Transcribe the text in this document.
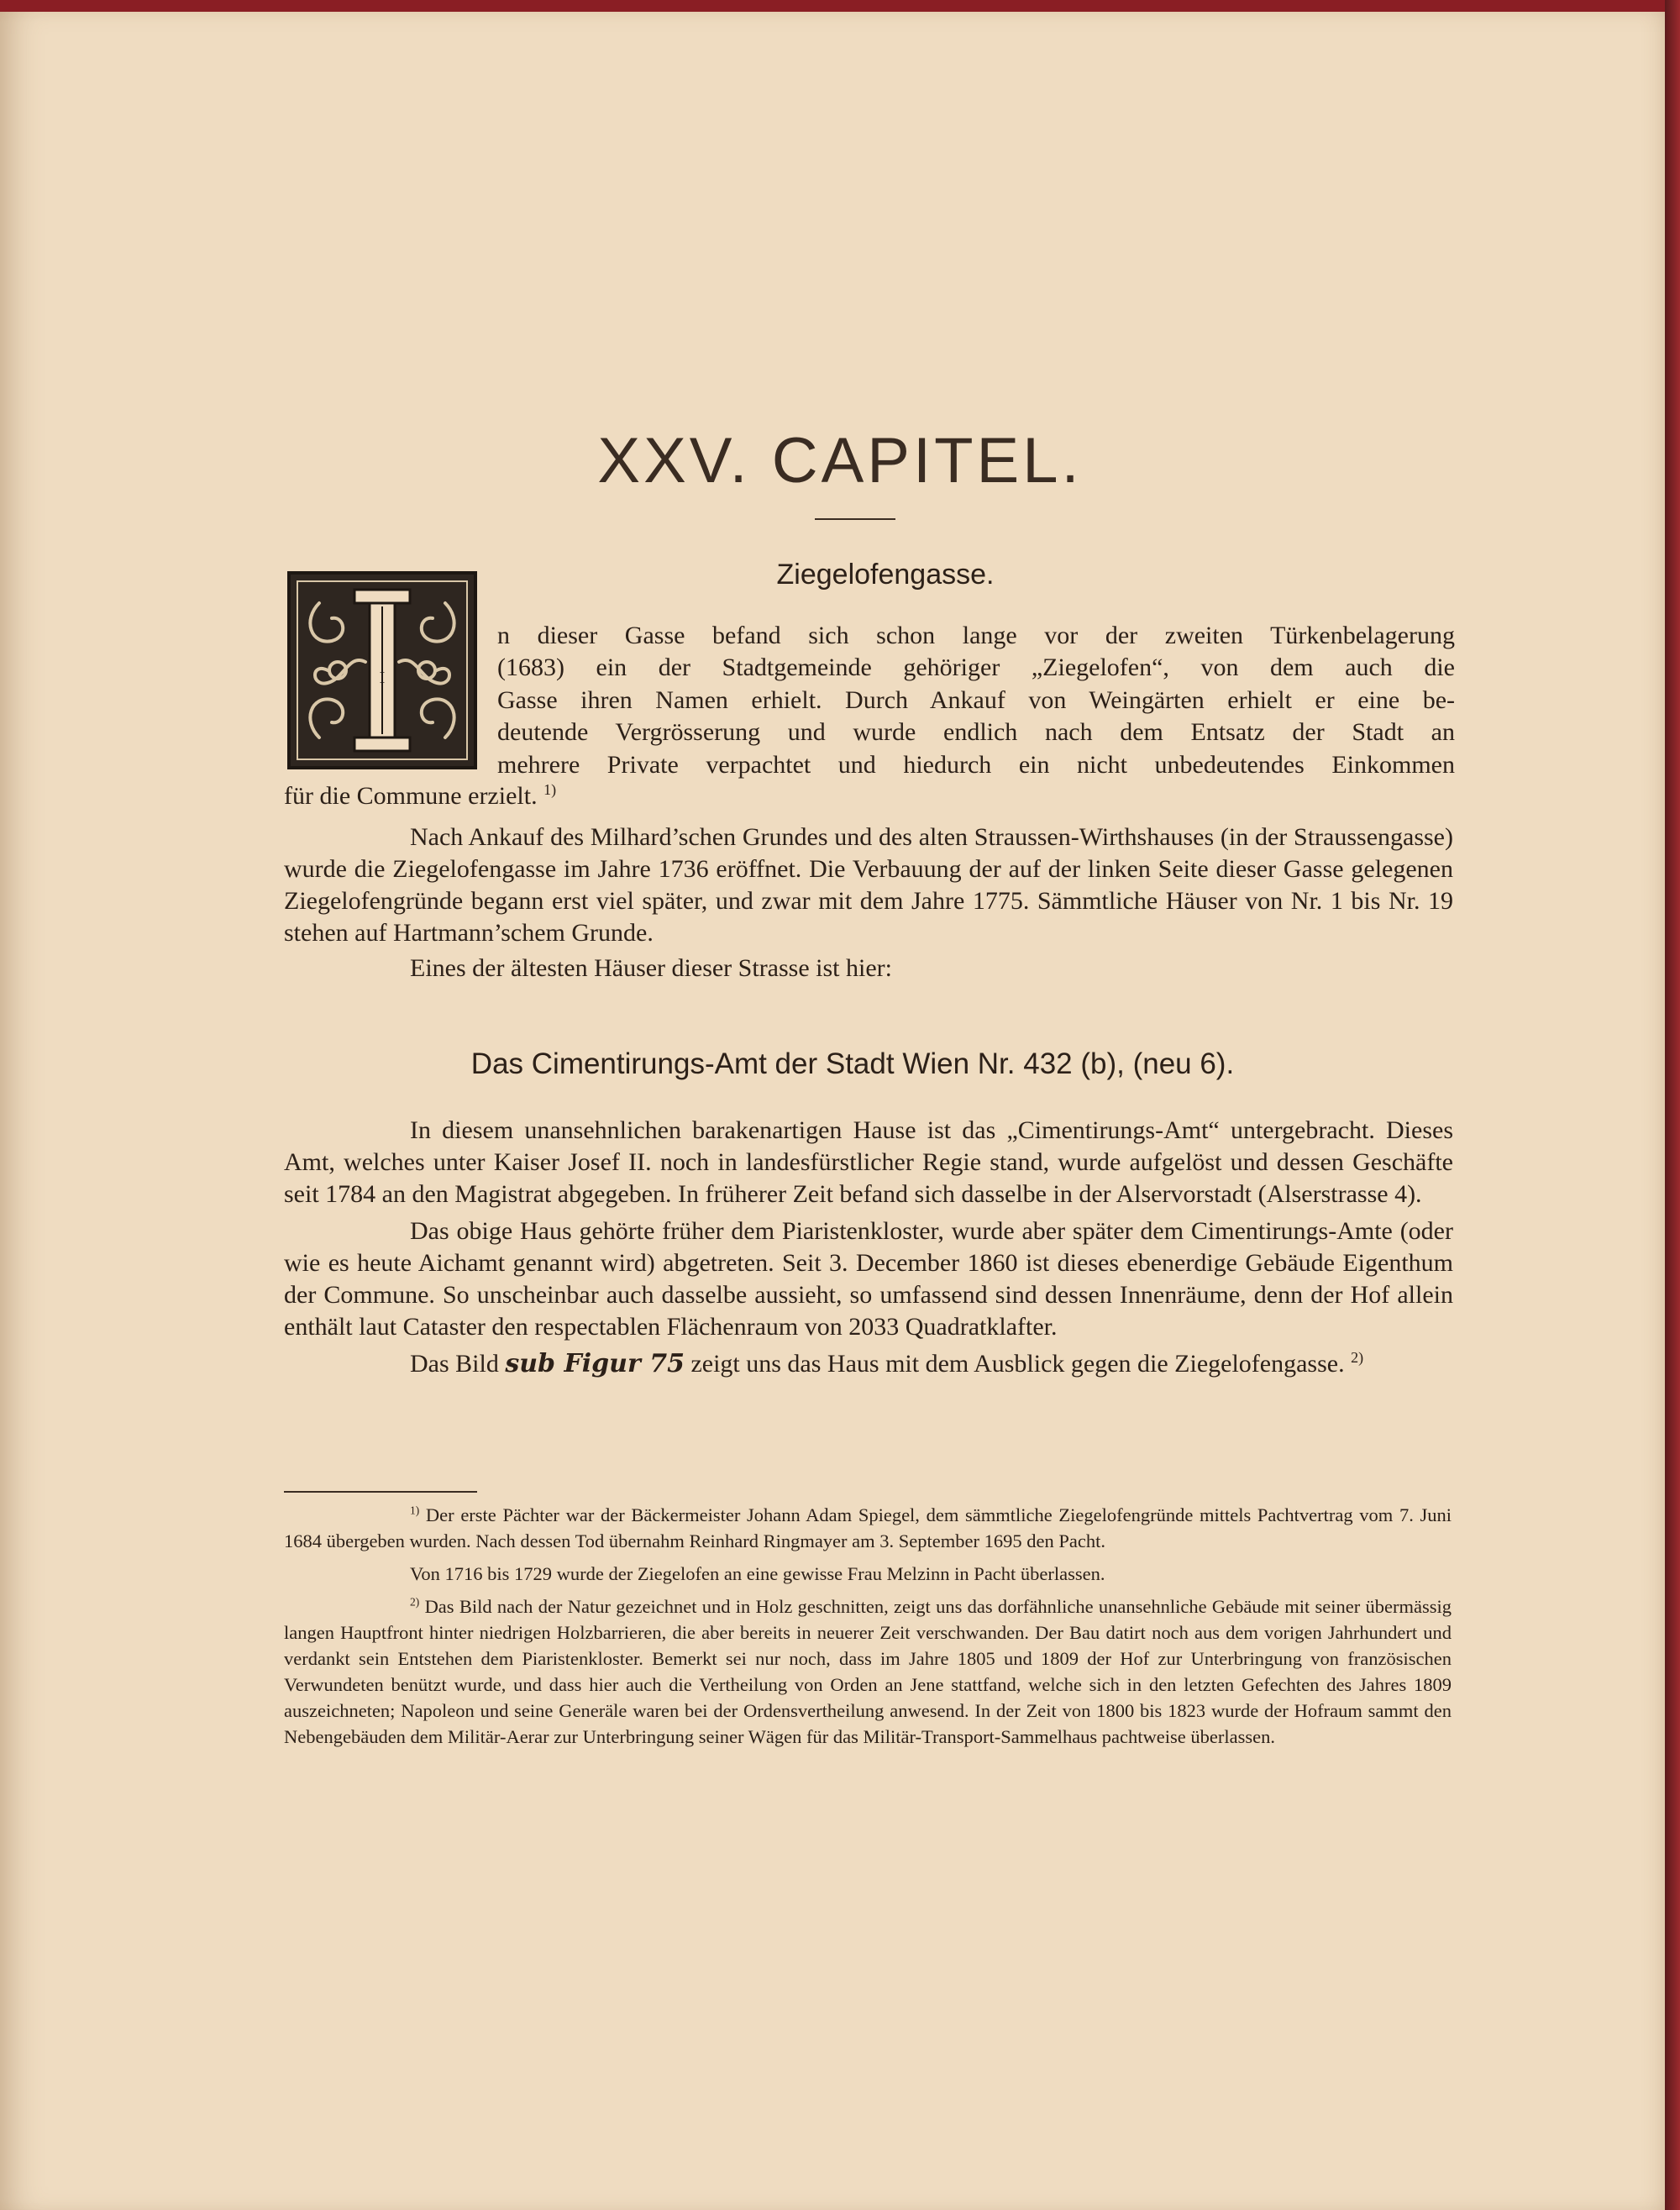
XXV. CAPITEL.
Ziegelofengasse.
I
n dieser Gasse befand sich schon lange vor der zweiten Türkenbelagerung
(1683) ein der Stadtgemeinde gehöriger „Ziegelofen“, von dem auch die
Gasse ihren Namen erhielt. Durch Ankauf von Weingärten erhielt er eine be-
deutende Vergrösserung und wurde endlich nach dem Entsatz der Stadt an
mehrere Private verpachtet und hiedurch ein nicht unbedeutendes Einkommen
für die Commune erzielt. $^{1)}$

Nach Ankauf des Milhard’schen Grundes und des alten Straussen-Wirthshauses (in der Straussengasse) wurde die Ziegelofengasse im Jahre 1736 eröffnet. Die Verbauung der auf der linken Seite dieser Gasse gelegenen Ziegelofengründe begann erst viel später, und zwar mit dem Jahre 1775. Sämmtliche Häuser von Nr. 1 bis Nr. 19 stehen auf Hartmann’schem Grunde.

Eines der ältesten Häuser dieser Strasse ist hier:

Das Cimentirungs-Amt der Stadt Wien Nr. 432 (b), (neu 6).

In diesem unansehnlichen barakenartigen Hause ist das „Cimentirungs-Amt“ untergebracht. Dieses Amt, welches unter Kaiser Josef II. noch in landesfürstlicher Regie stand, wurde aufgelöst und dessen Geschäfte seit 1784 an den Magistrat abgegeben. In früherer Zeit befand sich dasselbe in der Alservorstadt (Alserstrasse 4).

Das obige Haus gehörte früher dem Piaristenkloster, wurde aber später dem Cimentirungs-Amte (oder wie es heute Aichamt genannt wird) abgetreten. Seit 3. December 1860 ist dieses ebenerdige Gebäude Eigenthum der Commune. So unscheinbar auch dasselbe aussieht, so umfassend sind dessen Innenräume, denn der Hof allein enthält laut Cataster den respectablen Flächenraum von 2033 Quadratklafter.

Das Bild sub Figur 75 zeigt uns das Haus mit dem Ausblick gegen die Ziegelofengasse. $^{2)}$

$^{1)}$ Der erste Pächter war der Bäckermeister Johann Adam Spiegel, dem sämmtliche Ziegelofengründe mittels Pachtvertrag vom 7. Juni 1684 übergeben wurden. Nach dessen Tod übernahm Reinhard Ringmayer am 3. September 1695 den Pacht.

Von 1716 bis 1729 wurde der Ziegelofen an eine gewisse Frau Melzinn in Pacht überlassen.

$^{2)}$ Das Bild nach der Natur gezeichnet und in Holz geschnitten, zeigt uns das dorfähnliche unansehnliche Gebäude mit seiner übermässig langen Hauptfront hinter niedrigen Holzbarrieren, die aber bereits in neuerer Zeit verschwanden. Der Bau datirt noch aus dem vorigen Jahrhundert und verdankt sein Entstehen dem Piaristenkloster. Bemerkt sei nur noch, dass im Jahre 1805 und 1809 der Hof zur Unterbringung von französischen Verwundeten benützt wurde, und dass hier auch die Vertheilung von Orden an Jene stattfand, welche sich in den letzten Gefechten des Jahres 1809 auszeichneten; Napoleon und seine Generäle waren bei der Ordensvertheilung anwesend. In der Zeit von 1800 bis 1823 wurde der Hofraum sammt den Nebengebäuden dem Militär-Aerar zur Unterbringung seiner Wägen für das Militär-Transport-Sammelhaus pachtweise überlassen.
